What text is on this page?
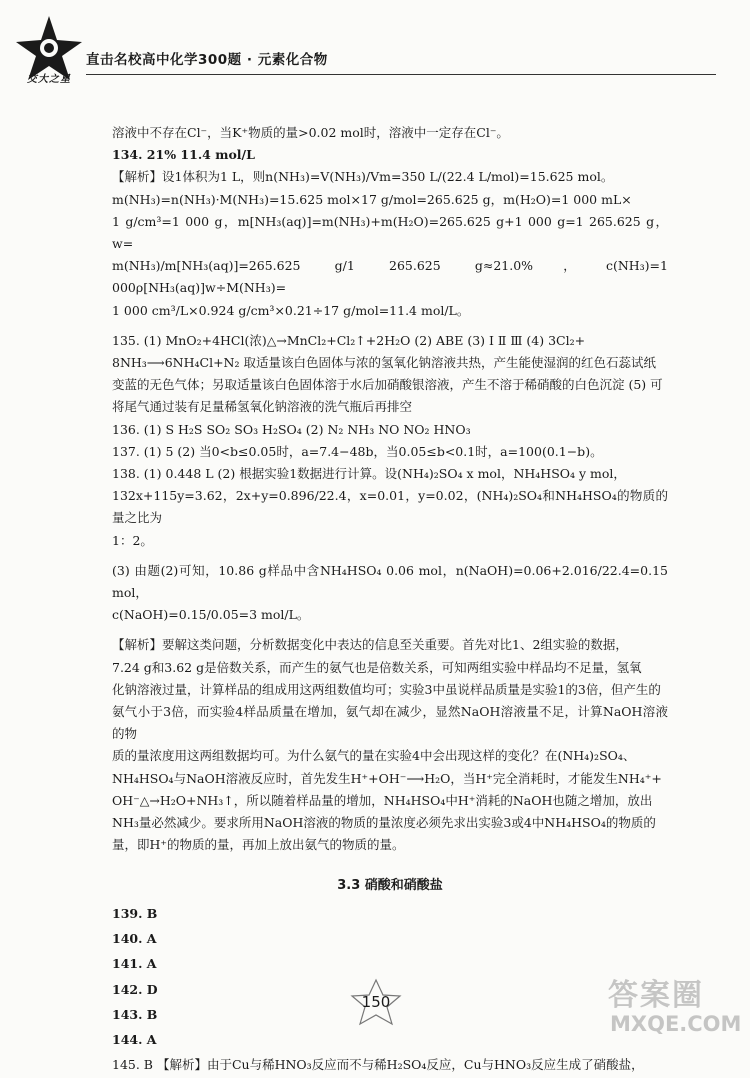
交大之星
直击名校高中化学300题 · 元素化合物

溶液中不存在Cl⁻，当K⁺物质的量>0.02 mol时，溶液中一定存在Cl⁻。

134. 21% 11.4 mol/L

【解析】设1体积为1 L，则n(NH₃)=V(NH₃)/Vm=350 L/(22.4 L/mol)=15.625 mol。

m(NH₃)=n(NH₃)·M(NH₃)=15.625 mol×17 g/mol=265.625 g，m(H₂O)=1 000 mL×

1 g/cm³=1 000 g，m[NH₃(aq)]=m(NH₃)+m(H₂O)=265.625 g+1 000 g=1 265.625 g，w=

m(NH₃)/m[NH₃(aq)]=265.625 g/1 265.625 g≈21.0%，c(NH₃)=1 000ρ[NH₃(aq)]w÷M(NH₃)=

1 000 cm³/L×0.924 g/cm³×0.21÷17 g/mol=11.4 mol/L。

135. (1) MnO₂+4HCl(浓)△→MnCl₂+Cl₂↑+2H₂O (2) ABE (3) Ⅰ Ⅱ Ⅲ (4) 3Cl₂+

8NH₃⟶6NH₄Cl+N₂ 取适量该白色固体与浓的氢氧化钠溶液共热，产生能使湿润的红色石蕊试纸

变蓝的无色气体；另取适量该白色固体溶于水后加硝酸银溶液，产生不溶于稀硝酸的白色沉淀 (5) 可

将尾气通过装有足量稀氢氧化钠溶液的洗气瓶后再排空

136. (1) S H₂S SO₂ SO₃ H₂SO₄ (2) N₂ NH₃ NO NO₂ HNO₃

137. (1) 5 (2) 当0<b≤0.05时，a=7.4−48b，当0.05≤b<0.1时，a=100(0.1−b)。

138. (1) 0.448 L (2) 根据实验1数据进行计算。设(NH₄)₂SO₄ x mol，NH₄HSO₄ y mol，

132x+115y=3.62，2x+y=0.896/22.4，x=0.01，y=0.02，(NH₄)₂SO₄和NH₄HSO₄的物质的量之比为

1：2。

(3) 由题(2)可知，10.86 g样品中含NH₄HSO₄ 0.06 mol，n(NaOH)=0.06+2.016/22.4=0.15 mol，

c(NaOH)=0.15/0.05=3 mol/L。

【解析】要解这类问题，分析数据变化中表达的信息至关重要。首先对比1、2组实验的数据，

7.24 g和3.62 g是倍数关系，而产生的氨气也是倍数关系，可知两组实验中样品均不足量，氢氧

化钠溶液过量，计算样品的组成用这两组数值均可；实验3中虽说样品质量是实验1的3倍，但产生的

氨气小于3倍，而实验4样品质量在增加，氨气却在减少，显然NaOH溶液量不足，计算NaOH溶液的物

质的量浓度用这两组数据均可。为什么氨气的量在实验4中会出现这样的变化？在(NH₄)₂SO₄、

NH₄HSO₄与NaOH溶液反应时，首先发生H⁺+OH⁻⟶H₂O，当H⁺完全消耗时，才能发生NH₄⁺+

OH⁻△→H₂O+NH₃↑，所以随着样品量的增加，NH₄HSO₄中H⁺消耗的NaOH也随之增加，放出

NH₃量必然减少。要求所用NaOH溶液的物质的量浓度必须先求出实验3或4中NH₄HSO₄的物质的

量，即H⁺的物质的量，再加上放出氨气的物质的量。

3.3 硝酸和硝酸盐

139. B

140. A

141. A

142. D

143. B

144. A

145. B 【解析】由于Cu与稀HNO₃反应而不与稀H₂SO₄反应，Cu与HNO₃反应生成了硝酸盐，

150	答案圈
MXQE.COM
